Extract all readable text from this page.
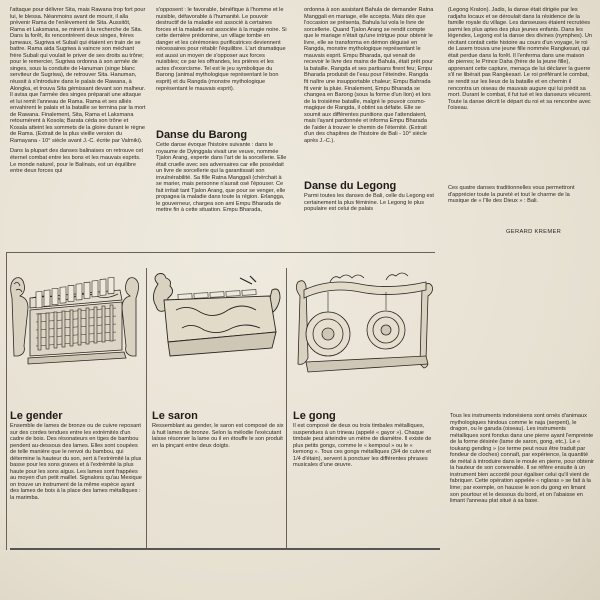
l'attaque pour délivrer Sita, mais Rawana trop fort pour lui, le blessa. Néanmoins avant de mourir, il alla prévenir Rama de l'enlèvement de Sita. Aussitôt, Rama et Laksmana, se mirent à la recherche de Sita. Dans la forêt, ils rencontrèrent deux singes, frères jumeaux, Sugriwa et Subali qui étaient en train de se battre. Rama aida Sugriwa à vaincre son méchant frère Subali qui voulait le priver de ses droits au trône; pour le remercier, Sugriwa ordonna à son armée de singes, sous la conduite de Hanuman (singe blanc serviteur de Sugriwa), de retrouver Sita. Hanuman, réussit à s'introduire dans le palais de Rawana, à Alongka, et trouva Sita gémissant devant son malheur. Il avisa que l'armée des singes préparait une attaque et lui remit l'anneau de Rama. Rama et ses alliés envahirent le palais et la bataille se termina par la mort de Rawana. Finalement, Sita, Rama et Laksmana retournèrent à Kosola; Barata céda son trône et Kosala atteint les sommets de la gloire durant le règne de Rama. (Extrait de la plus vieille version du Ramayana - 10° siècle avant J.-C. écrite par Valmiki).

Dans la plupart des danses balinaises on retrouve cet éternel combat entre les bons et les mauvais esprits. Le monde naturel, pour le Balinais, est un équilibre entre deux forces qui

s'opposent : le favorable, bénéfique à l'homme et le nuisible, défavorable à l'humanité. Le pouvoir destructif de la maladie est associé à certaines forces et la maladie est associée à la magie noire. Si cette dernière prédomine, un village tombe en danger et les cérémonies purificatrices deviennent nécessaires pour rétablir l'équilibre. L'art dramatique est aussi un moyen de s'opposer aux forces nuisibles; ce par les offrandes, les prières et les actes d'exorcisme. Tel est le jeu symbolique du Barong (animal mythologique représentant le bon esprit) et du Rangda (monstre mythologique représentant le mauvais esprit).

Danse du Barong

Cette danse évoque l'histoire suivante : dans le royaume de Dyinggala vivait une veuve, nommée Tjalon Arang, experte dans l'art de la sorcellerie. Elle était cruelle avec ses adversaires car elle possédait un livre de sorcellerie qui la garantissait son invulnérabilité. Sa fille Ratna Manggali (chérchait à se marier, mais personne n'aurait osé l'épouser. Ce fait irritait tant Tjalon Arang, que pour se venger, elle propagea la maladie dans toute la région. Erlangga, le gouverneur, chargea son ami Empu Bharada de mettre fin à cette situation. Empu Bharada,

ordonna à son assistant Bahula de demander Ratna Manggali en mariage, elle accepta. Mais dès que l'occasion se présenta, Bahula lui vola le livre de sorcellerie. Quand Tjalon Arang se rendit compte que le mariage n'était qu'une intrigue pour obtenir le livre, elle se transforma en démon déguisé en Rangda, monstre mythologique représentant le mauvais esprit. Empu Bharada, qui venait de recevoir le livre des mains de Bahula, était prêt pour la bataille. Rangda et ses partisans firent feu; Empu Bharada produisit de l'eau pour l'éteindre. Rangda fit naître une insupportable chaleur; Empu Bahrada fit venir la pluie. Finalement, Empu Bharada se changea en Barong (sous la forme d'un lion) et lors de la troisième bataille, malgré le pouvoir cosmo-magique de Rangda, il obtint sa défaite. Elle se soumit aux différentes punitions que l'attendaient, mais l'ayant pardonnée et informa Empu Bharada de l'aider à trouver le chemin de l'éternité. (Extrait d'un des chapitres de l'histoire de Bali - 10° siècle après J.-C.).

Danse du Legong

Parmi toutes les danses de Bali, celle du Legong est certainement la plus féminine. Le Legong le plus populaire est celui de palais

(Legong Kraton). Jadis, la danse était dirigée par les radjahs locaux et se déroulait dans la résidence de la famille royale du village. Les danseuses étaient recrutées parmi les plus aptes des plus jeunes enfants. Dans les légendes, Legong est la danse des divines (nymphes). Un récitant contait cette histoire au cours d'un voyage, le roi de Lasem trouva une jeune fille nommée Rangkesari, qui était perdue dans la forêt. Il l'enferma dans une maison de pierres; le Prince Daha (frère de la jeune fille), apprenant cette capture, menaça de lui déclarer la guerre s'il ne libérait pas Rangkesari. Le roi préférant le combat, se rendit sur les lieux de la bataille et en chemin il rencontra un oiseau de mauvais augure qui lui prédit sa mort. Durant le combat, il fut tué et les danseurs vécurent. Toute la danse décrit le départ du roi et sa rencontre avec l'oiseau.

Ces quatre danses traditionnelles vous permettront d'apprécier toute la pureté et tout le charme de la musique de « l'île des Dieux » : Bali.

GERARD KREMER
Le gender
Ensemble de lames de bronze ou de cuivre reposant sur des cordes tendues entre les extrémités d'un cadre de bois. Des résonateurs en tiges de bambou pendent au-dessous des lames. Elles sont coupées de telle manière que le renvoi du bambou, qui détermine la hauteur du son, sert à l'extrémité la plus basse pour les sons graves et à l'extrémité la plus haute pour les sons aigus. Les lames sont frappées au moyen d'un petit maillet. Signalons qu'au Mexique on trouve un instrument de la même espèce ayant des lames de bois à la place des lames métalliques : la marimba.
Le saron
Ressemblant au gender, le saron est composé de six à huit lames de bronze. Selon la mélodie l'exécutant laisse résonner la lame ou il en étouffe le son produit en la pinçant entre deux doigts.
Le gong
Il est composé de deux ou trois timbales métalliques, suspendues à un trineau (appelé « gayor »). Chaque timbale peut atteindre un mètre de diamètre. Il existe de plus petits gongs, comme le « kempoul » ou le « kemong ». Tous ces gongs métalliques (3/4 de cuivre et 1/4 d'étain), servent à ponctuer les différentes phrases musicales d'une œuvre.
Tous les instruments indonésiens sont ornés d'animaux mythologiques hindous comme le naja (serpent), le dragon, ou le garuda (oiseau). Les instruments métalliques sont fondus dans une pierre ayant l'empreinte de la forme désirée (lame de saron, gong, etc.). Le « toukang gending » (ce terme peut nous être traduit par fondeur de cloches) connaît, par expérience, la quantité de métal à introduire dans le moule en pierre, pour obtenir la hauteur de son convenable. Il se réfère ensuite à un instrument bien accordé pour égaliser celui qu'il vient de fabriquer. Cette opération appelée « nglaras » se fait à la lime; par exemple, on hausse le son du gong en limant son pourtour et le dessous du bord, et on l'abaisse en limant l'anneau plat situé à sa base.
